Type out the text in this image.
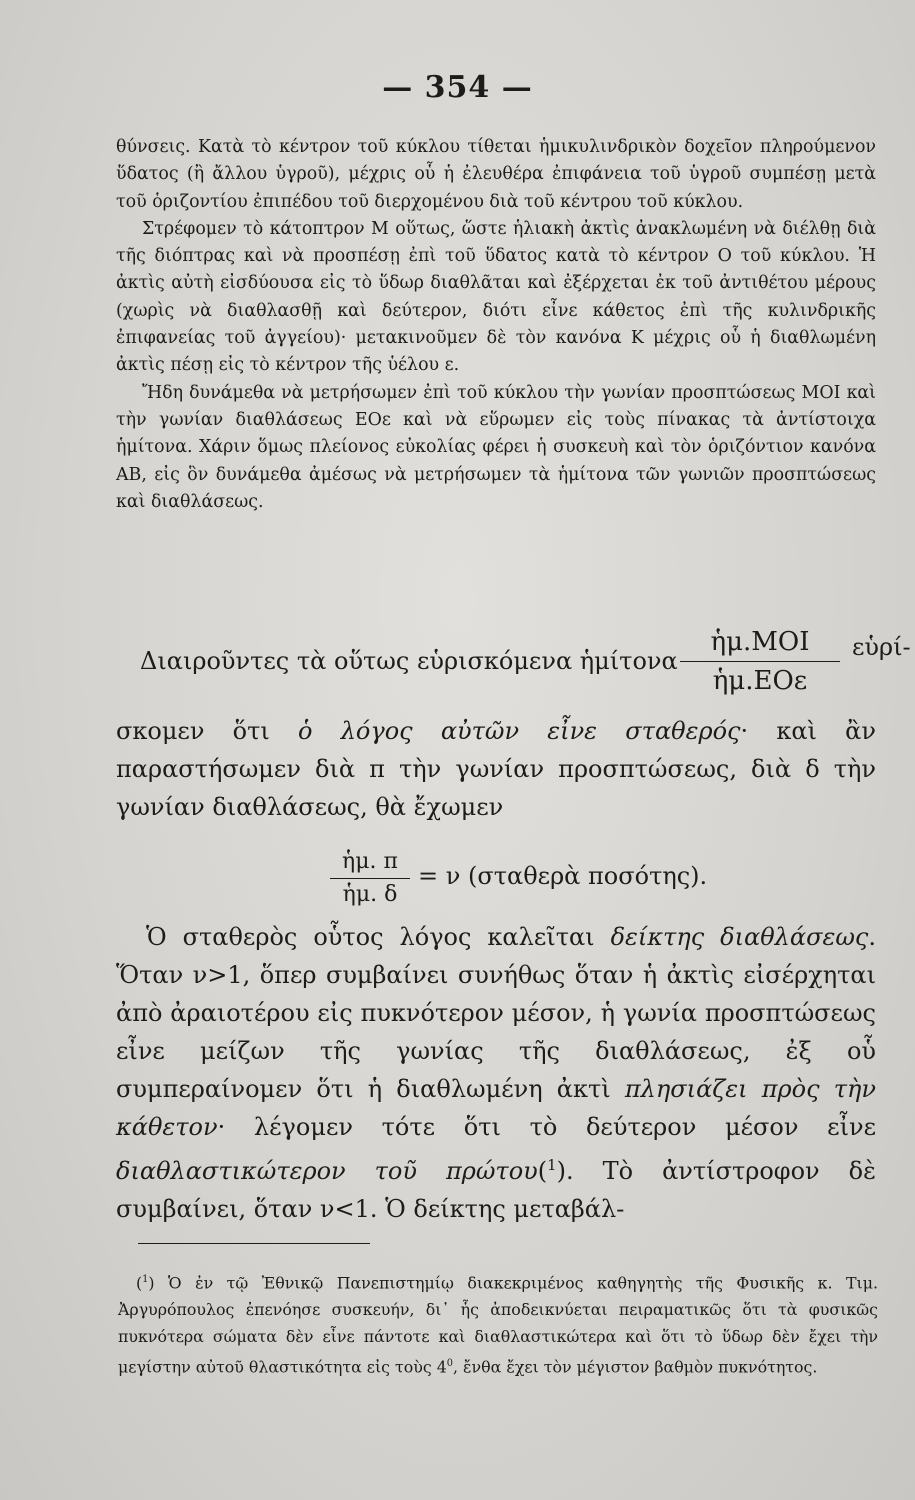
— 354 —

θύνσεις. Κατὰ τὸ κέντρον τοῦ κύκλου τίθεται ἡμικυλινδρικὸν δοχεῖον πληρούμενον ὕδατος (ἢ ἄλλου ὑγροῦ), μέχρις οὗ ἡ ἐλευθέρα ἐπιφάνεια τοῦ ὑγροῦ συμπέσῃ μετὰ τοῦ ὁριζοντίου ἐπιπέδου τοῦ διερχομένου διὰ τοῦ κέντρου τοῦ κύκλου.

Στρέφομεν τὸ κάτοπτρον Μ οὕτως, ὥστε ἡλιακὴ ἀκτὶς ἀνακλωμένη νὰ διέλθῃ διὰ τῆς διόπτρας καὶ νὰ προσπέσῃ ἐπὶ τοῦ ὕδατος κατὰ τὸ κέντρον Ο τοῦ κύκλου. Ἡ ἀκτὶς αὐτὴ εἰσδύουσα εἰς τὸ ὕδωρ διαθλᾶται καὶ ἐξέρχεται ἐκ τοῦ ἀντιθέτου μέρους (χωρὶς νὰ διαθλασθῇ καὶ δεύτερον, διότι εἶνε κάθετος ἐπὶ τῆς κυλινδρικῆς ἐπιφανείας τοῦ ἀγγείου)· μετακινοῦμεν δὲ τὸν κανόνα Κ μέχρις οὗ ἡ διαθλωμένη ἀκτὶς πέσῃ εἰς τὸ κέντρον τῆς ὑέλου ε.

Ἤδη δυνάμεθα νὰ μετρήσωμεν ἐπὶ τοῦ κύκλου τὴν γωνίαν προσπτώσεως ΜΟΙ καὶ τὴν γωνίαν διαθλάσεως ΕΟε καὶ νὰ εὕρωμεν εἰς τοὺς πίνακας τὰ ἀντίστοιχα ἡμίτονα. Χάριν ὅμως πλείονος εὐκολίας φέρει ἡ συσκευὴ καὶ τὸν ὁριζόντιον κανόνα ΑΒ, εἰς ὃν δυνάμεθα ἀμέσως νὰ μετρήσωμεν τὰ ἡμίτονα τῶν γωνιῶν προσπτώσεως καὶ διαθλάσεως.

Διαιροῦντες τὰ οὕτως εὑρισκόμενα ἡμίτονα
ἡμ.ΜΟΙ
ἡμ.ΕΟε
εὑρί-

σκομεν ὅτι ὁ λόγος αὐτῶν εἶνε σταθερός· καὶ ἂν παραστήσωμεν διὰ π τὴν γωνίαν προσπτώσεως, διὰ δ τὴν γωνίαν διαθλάσεως, θὰ ἔχωμεν

ἡμ. π
ἡμ. δ
= ν (σταθερὰ ποσότης).

Ὁ σταθερὸς οὗτος λόγος καλεῖται δείκτης διαθλάσεως. Ὅταν ν>1, ὅπερ συμβαίνει συνήθως ὅταν ἡ ἀκτὶς εἰσέρχηται ἀπὸ ἀραιοτέρου εἰς πυκνότερον μέσον, ἡ γωνία προσπτώσεως εἶνε μείζων τῆς γωνίας τῆς διαθλάσεως, ἐξ οὗ συμπεραίνομεν ὅτι ἡ διαθλωμένη ἀκτὶ πλησιάζει πρὸς τὴν κάθετον· λέγομεν τότε ὅτι τὸ δεύτερον μέσον εἶνε διαθλαστικώτερον τοῦ πρώτου($^1$). Τὸ ἀντίστροφον δὲ συμβαίνει, ὅταν ν<1. Ὁ δείκτης μεταβάλ-

($^1$) Ὁ ἐν τῷ Ἐθνικῷ Πανεπιστημίῳ διακεκριμένος καθηγητὴς τῆς Φυσικῆς κ. Τιμ. Ἀργυρόπουλος ἐπενόησε συσκευήν, δι᾽ ἧς ἀποδεικνύεται πειραματικῶς ὅτι τὰ φυσικῶς πυκνότερα σώματα δὲν εἶνε πάντοτε καὶ διαθλαστικώτερα καὶ ὅτι τὸ ὕδωρ δὲν ἔχει τὴν μεγίστην αὐτοῦ θλαστικότητα εἰς τοὺς $4^0$, ἔνθα ἔχει τὸν μέγιστον βαθμὸν πυκνότητος.
